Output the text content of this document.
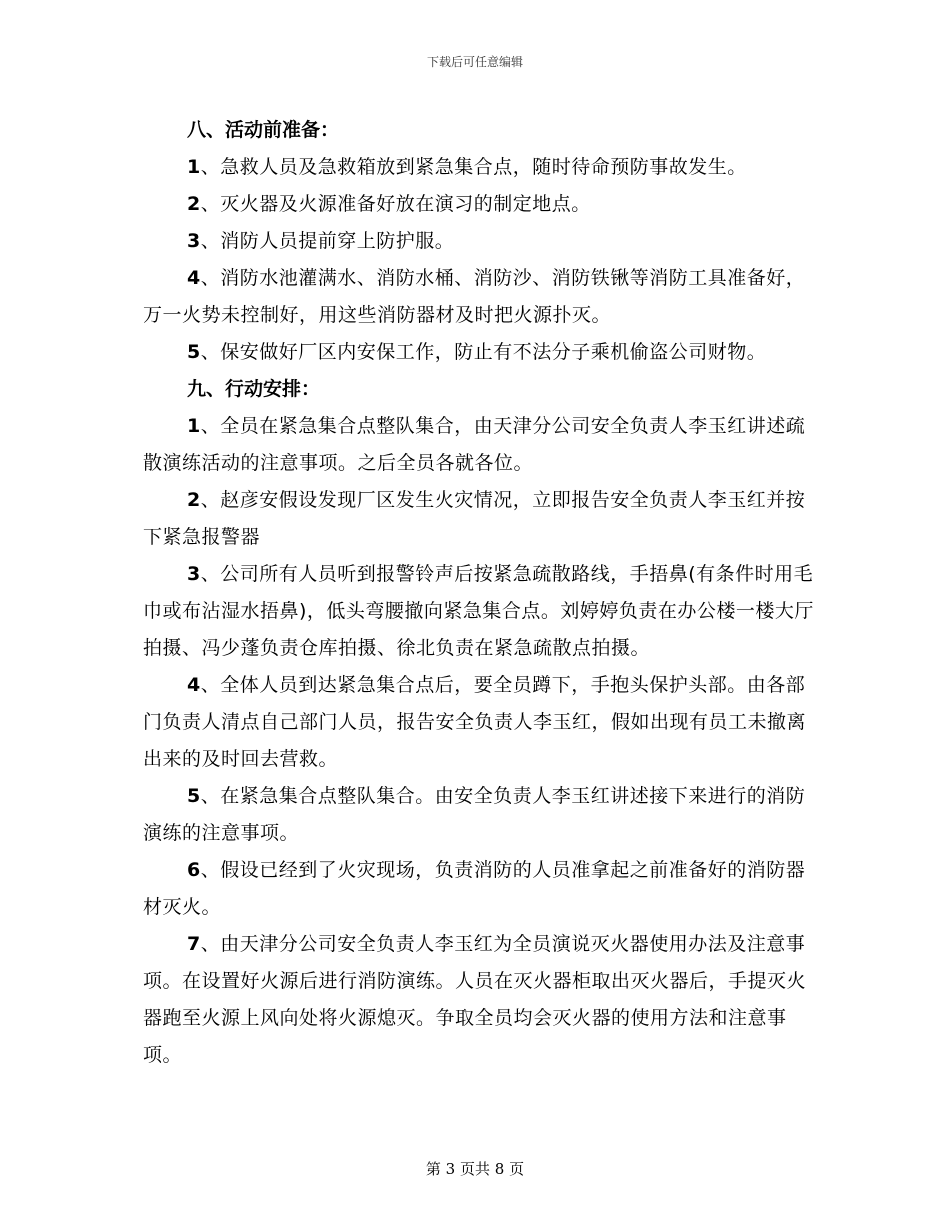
下载后可任意编辑

八、活动前准备：

1、急救人员及急救箱放到紧急集合点，随时待命预防事故发生。

2、灭火器及火源准备好放在演习的制定地点。

3、消防人员提前穿上防护服。

4、消防水池灌满水、消防水桶、消防沙、消防铁锹等消防工具准备好，万一火势未控制好，用这些消防器材及时把火源扑灭。

5、保安做好厂区内安保工作，防止有不法分子乘机偷盗公司财物。

九、行动安排：

1、全员在紧急集合点整队集合，由天津分公司安全负责人李玉红讲述疏散演练活动的注意事项。之后全员各就各位。

2、赵彦安假设发现厂区发生火灾情况，立即报告安全负责人李玉红并按下紧急报警器

3、公司所有人员听到报警铃声后按紧急疏散路线，手捂鼻(有条件时用毛巾或布沾湿水捂鼻)，低头弯腰撤向紧急集合点。刘婷婷负责在办公楼一楼大厅拍摄、冯少蓬负责仓库拍摄、徐北负责在紧急疏散点拍摄。

4、全体人员到达紧急集合点后，要全员蹲下，手抱头保护头部。由各部门负责人清点自己部门人员，报告安全负责人李玉红，假如出现有员工未撤离出来的及时回去营救。

5、在紧急集合点整队集合。由安全负责人李玉红讲述接下来进行的消防演练的注意事项。

6、假设已经到了火灾现场，负责消防的人员准拿起之前准备好的消防器材灭火。

7、由天津分公司安全负责人李玉红为全员演说灭火器使用办法及注意事项。在设置好火源后进行消防演练。人员在灭火器柜取出灭火器后，手提灭火器跑至火源上风向处将火源熄灭。争取全员均会灭火器的使用方法和注意事项。

第 3 页共 8 页
